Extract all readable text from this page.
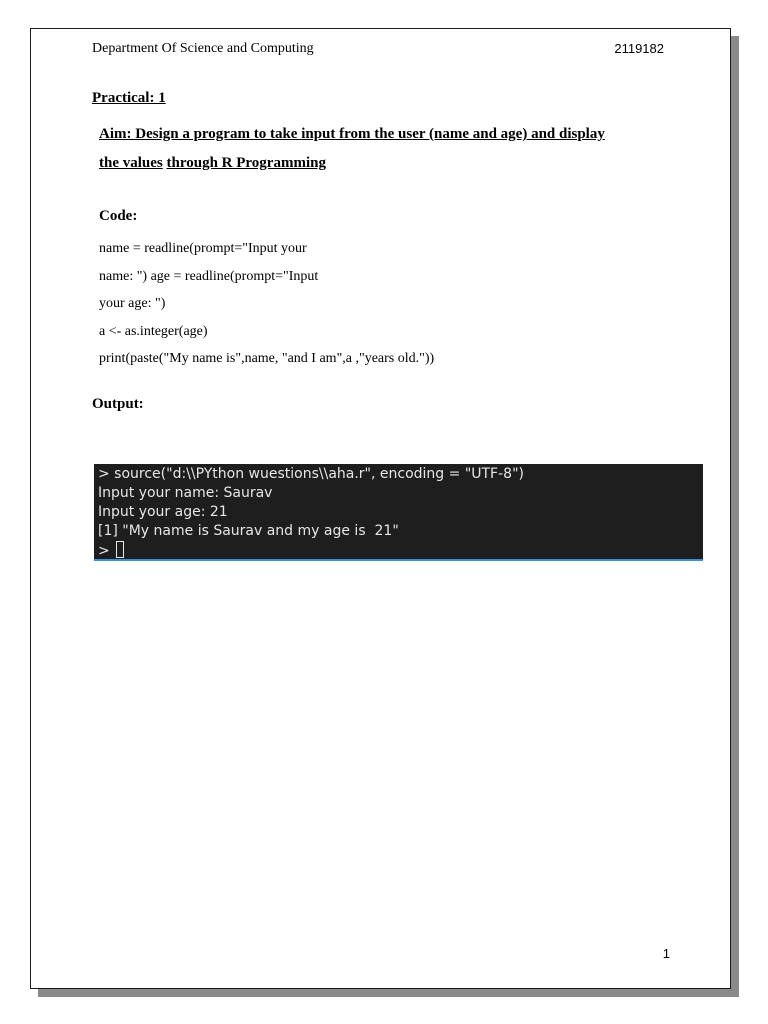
Department Of Science and Computing	2119182
Practical: 1
Aim: Design a program to take input from the user (name and age) and display
the values through R Programming
Code:
name = readline(prompt="Input your
name: ") age = readline(prompt="Input
your age: ")
a <- as.integer(age)
print(paste("My name is",name, "and I am",a ,"years old."))
Output:
> source("d:\\PYthon wuestions\\aha.r", encoding = "UTF-8")
Input your name: Saurav
Input your age: 21
[1] "My name is Saurav and my age is  21"
>
1
